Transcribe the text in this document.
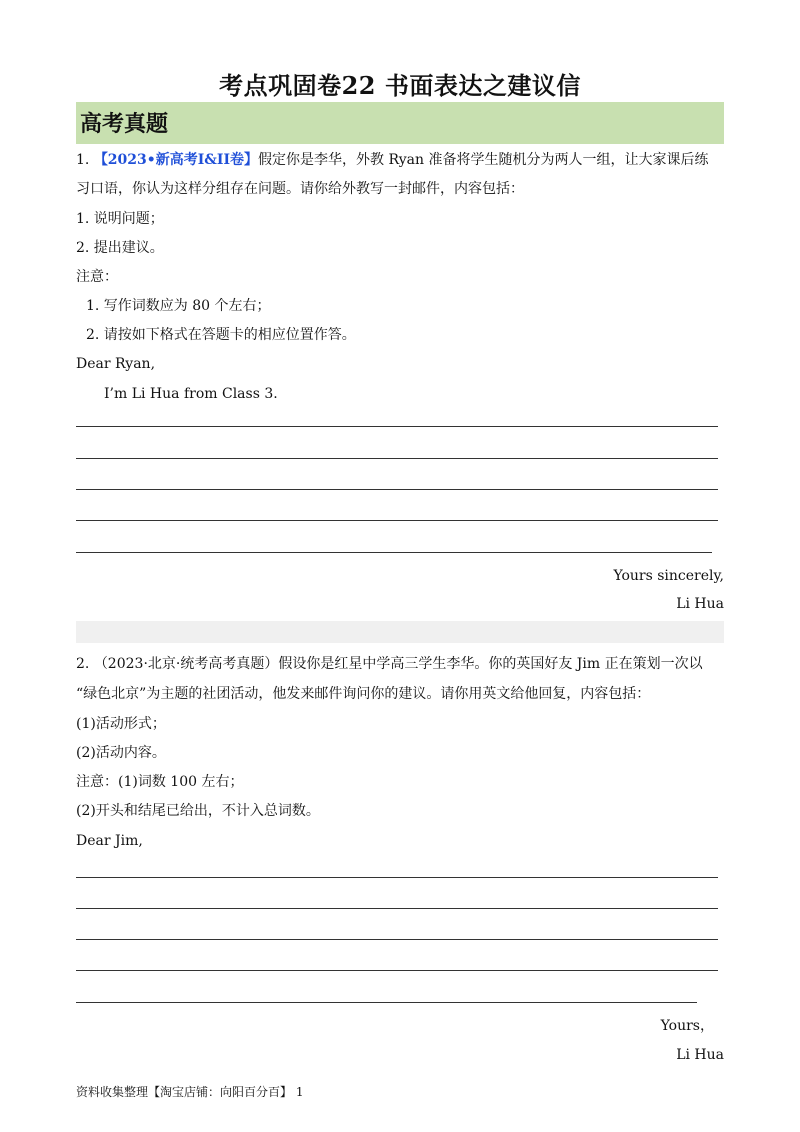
考点巩固卷22 书面表达之建议信
高考真题
1. 【2023•新高考I&II卷】假定你是李华，外教 Ryan 准备将学生随机分为两人一组，让大家课后练
习口语，你认为这样分组存在问题。请你给外教写一封邮件，内容包括：
1. 说明问题；
2. 提出建议。
注意：
1. 写作词数应为 80 个左右；
2. 请按如下格式在答题卡的相应位置作答。
Dear Ryan,
I’m Li Hua from Class 3.
Yours sincerely,
Li Hua
2. （2023·北京·统考高考真题）假设你是红星中学高三学生李华。你的英国好友 Jim 正在策划一次以
“绿色北京”为主题的社团活动，他发来邮件询问你的建议。请你用英文给他回复，内容包括：
(1)活动形式；
(2)活动内容。
注意：(1)词数 100 左右；
(2)开头和结尾已给出，不计入总词数。
Dear Jim,
Yours，
Li Hua
资料收集整理【淘宝店铺：向阳百分百】 1
